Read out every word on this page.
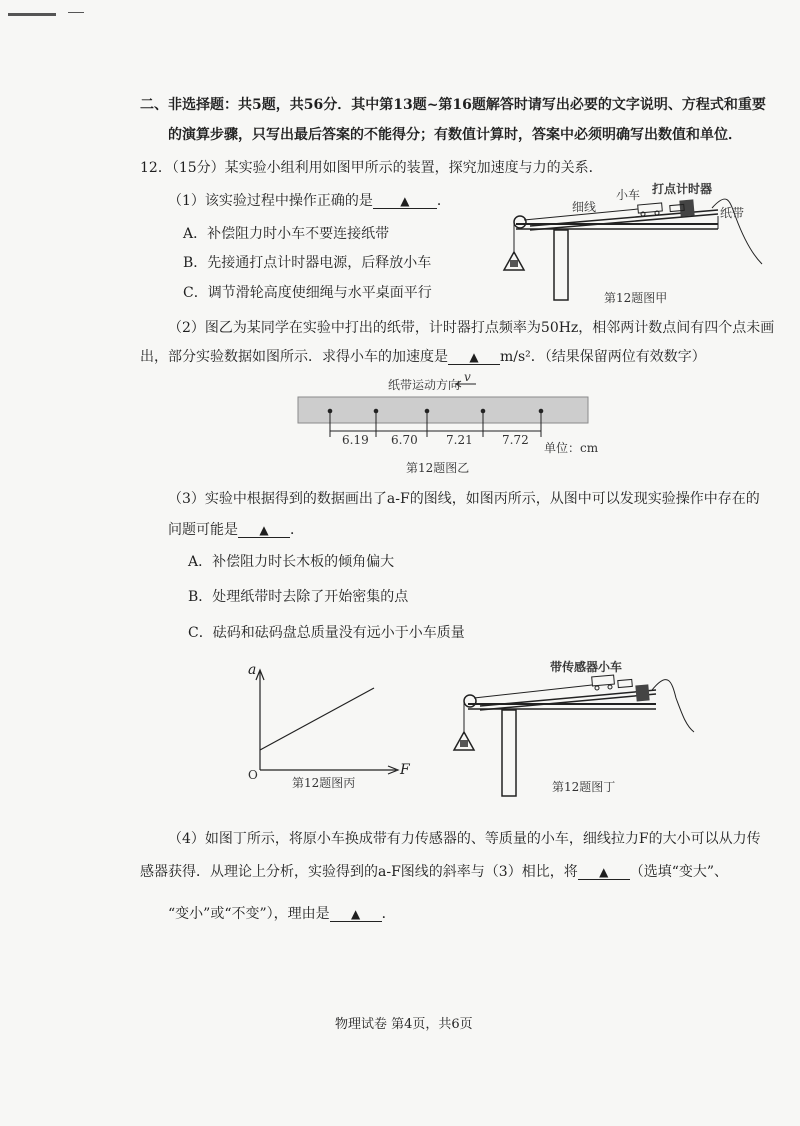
二、非选择题：共5题，共56分．其中第13题~第16题解答时请写出必要的文字说明、方程式和重要
的演算步骤，只写出最后答案的不能得分；有数值计算时，答案中必须明确写出数值和单位．
12．（15分）某实验小组利用如图甲所示的装置，探究加速度与力的关系．
（1）该实验过程中操作正确的是 ▲ ．
A．补偿阻力时小车不要连接纸带
B．先接通打点计时器电源，后释放小车
C．调节滑轮高度使细绳与水平桌面平行
细线
小车 打点计时器
纸带
第12题图甲
（2）图乙为某同学在实验中打出的纸带，计时器打点频率为50Hz，相邻两计数点间有四个点未画
出，部分实验数据如图所示．求得小车的加速度是 ▲ m/s²．（结果保留两位有效数字）
纸带运动方向
v
6.19 6.70 7.21 7.72
单位：cm
第12题图乙
（3）实验中根据得到的数据画出了a-F的图线，如图丙所示，从图中可以发现实验操作中存在的
问题可能是 ▲ ．
A．补偿阻力时长木板的倾角偏大
B．处理纸带时去除了开始密集的点
C．砝码和砝码盘总质量没有远小于小车质量
a
F
O
第12题图丙
带传感器小车
第12题图丁
（4）如图丁所示，将原小车换成带有力传感器的、等质量的小车，细线拉力F的大小可以从力传
感器获得．从理论上分析，实验得到的a-F图线的斜率与（3）相比，将 ▲ （选填“变大”、
“变小”或“不变”），理由是 ▲ ．
物理试卷 第4页，共6页
